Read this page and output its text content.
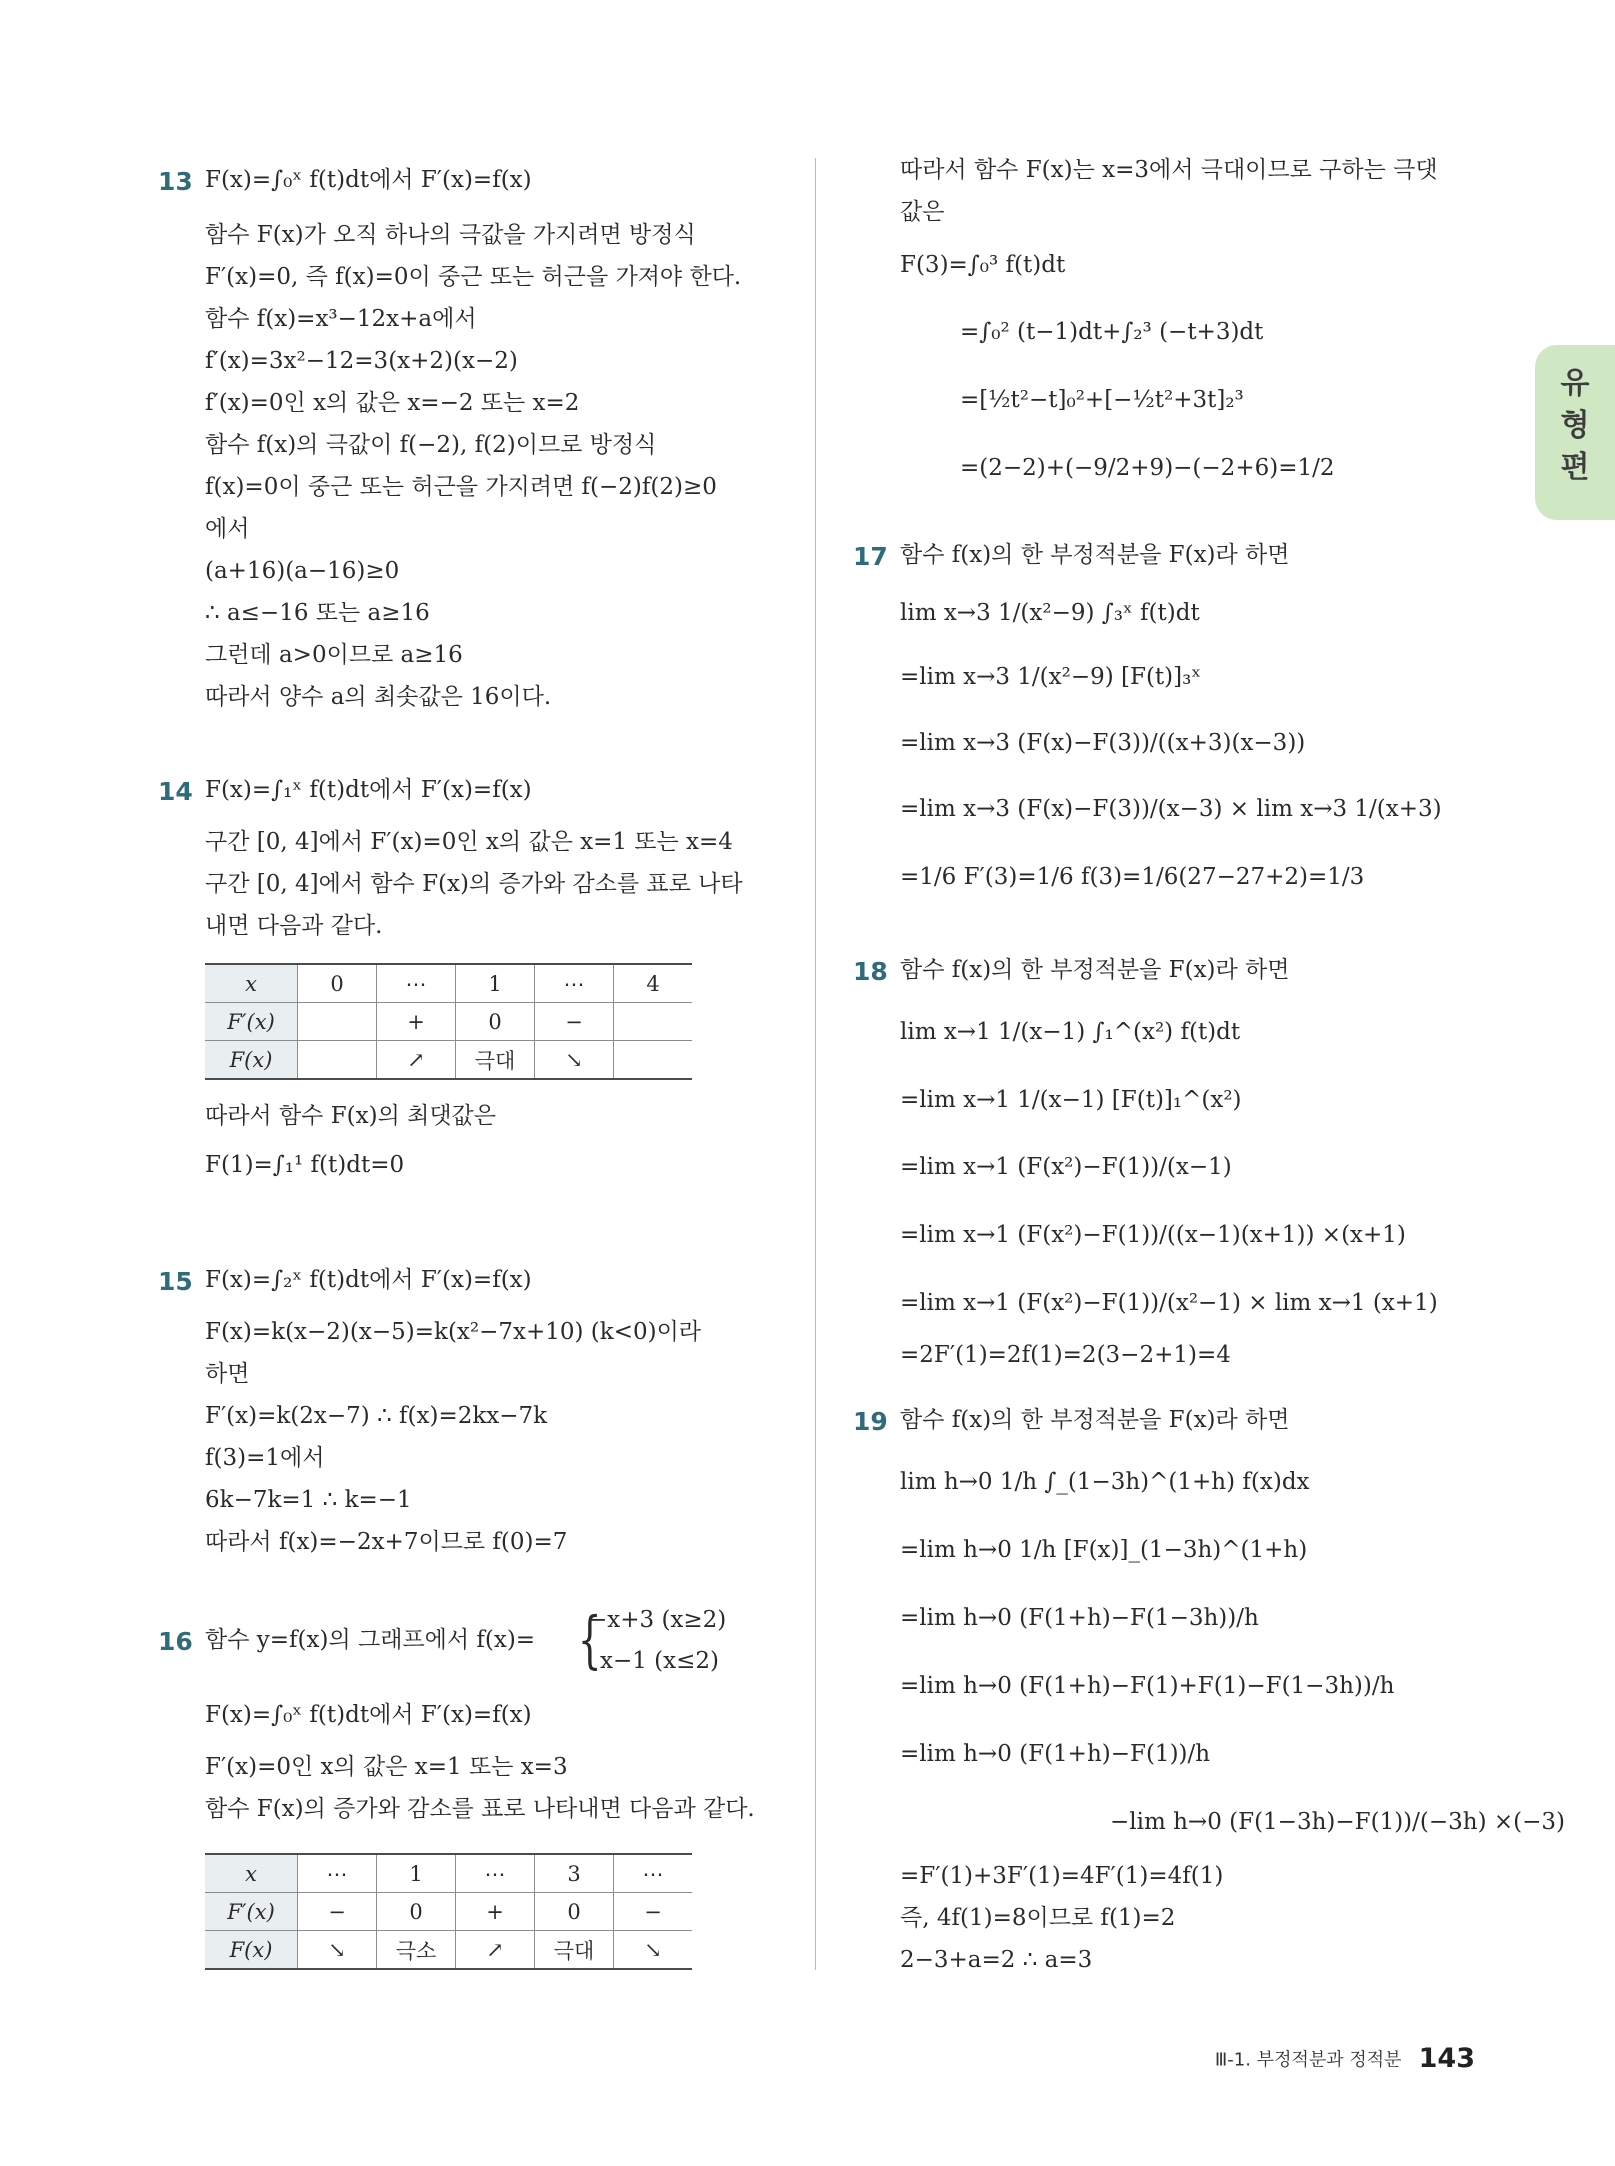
13 F(x)=∫₀ˣ f(t)dt에서 F′(x)=f(x)
함수 F(x)가 오직 하나의 극값을 가지려면 방정식
F′(x)=0, 즉 f(x)=0이 중근 또는 허근을 가져야 한다.
함수 f(x)=x³−12x+a에서
f′(x)=3x²−12=3(x+2)(x−2)
f′(x)=0인 x의 값은 x=−2 또는 x=2
함수 f(x)의 극값이 f(−2), f(2)이므로 방정식
f(x)=0이 중근 또는 허근을 가지려면 f(−2)f(2)≥0
에서
(a+16)(a−16)≥0
∴ a≤−16 또는 a≥16
그런데 a>0이므로 a≥16
따라서 양수 a의 최솟값은 16이다.
14 F(x)=∫₁ˣ f(t)dt에서 F′(x)=f(x)
구간 [0, 4]에서 F′(x)=0인 x의 값은 x=1 또는 x=4
구간 [0, 4]에서 함수 F(x)의 증가와 감소를 표로 나타
내면 다음과 같다.
x	0	⋯	1	⋯	4
F′(x)		+	0	−	
F(x)		↗	극대	↘	
따라서 함수 F(x)의 최댓값은
F(1)=∫₁¹ f(t)dt=0
15 F(x)=∫₂ˣ f(t)dt에서 F′(x)=f(x)
F(x)=k(x−2)(x−5)=k(x²−7x+10) (k<0)이라
하면
F′(x)=k(2x−7) ∴ f(x)=2kx−7k
f(3)=1에서
6k−7k=1 ∴ k=−1
따라서 f(x)=−2x+7이므로 f(0)=7
16 함수 y=f(x)의 그래프에서 f(x)= {
−x+3 (x≥2)
x−1 (x≤2)
F(x)=∫₀ˣ f(t)dt에서 F′(x)=f(x)
F′(x)=0인 x의 값은 x=1 또는 x=3
함수 F(x)의 증가와 감소를 표로 나타내면 다음과 같다.
x	⋯	1	⋯	3	⋯
F′(x)	−	0	+	0	−
F(x)	↘	극소	↗	극대	↘
따라서 함수 F(x)는 x=3에서 극대이므로 구하는 극댓
값은
F(3)=∫₀³ f(t)dt
=∫₀² (t−1)dt+∫₂³ (−t+3)dt
=[½t²−t]₀²+[−½t²+3t]₂³
=(2−2)+(−9/2+9)−(−2+6)=1/2
17 함수 f(x)의 한 부정적분을 F(x)라 하면
lim x→3 1/(x²−9) ∫₃ˣ f(t)dt
=lim x→3 1/(x²−9) [F(t)]₃ˣ
=lim x→3 (F(x)−F(3))/((x+3)(x−3))
=lim x→3 (F(x)−F(3))/(x−3) × lim x→3 1/(x+3)
=1/6 F′(3)=1/6 f(3)=1/6(27−27+2)=1/3
18 함수 f(x)의 한 부정적분을 F(x)라 하면
lim x→1 1/(x−1) ∫₁^(x²) f(t)dt
=lim x→1 1/(x−1) [F(t)]₁^(x²)
=lim x→1 (F(x²)−F(1))/(x−1)
=lim x→1 (F(x²)−F(1))/((x−1)(x+1)) ×(x+1)
=lim x→1 (F(x²)−F(1))/(x²−1) × lim x→1 (x+1)
=2F′(1)=2f(1)=2(3−2+1)=4
19 함수 f(x)의 한 부정적분을 F(x)라 하면
lim h→0 1/h ∫_(1−3h)^(1+h) f(x)dx
=lim h→0 1/h [F(x)]_(1−3h)^(1+h)
=lim h→0 (F(1+h)−F(1−3h))/h
=lim h→0 (F(1+h)−F(1)+F(1)−F(1−3h))/h
=lim h→0 (F(1+h)−F(1))/h
−lim h→0 (F(1−3h)−F(1))/(−3h) ×(−3)
=F′(1)+3F′(1)=4F′(1)=4f(1)
즉, 4f(1)=8이므로 f(1)=2
2−3+a=2 ∴ a=3
유
형
편
Ⅲ-1. 부정적분과 정적분 143
